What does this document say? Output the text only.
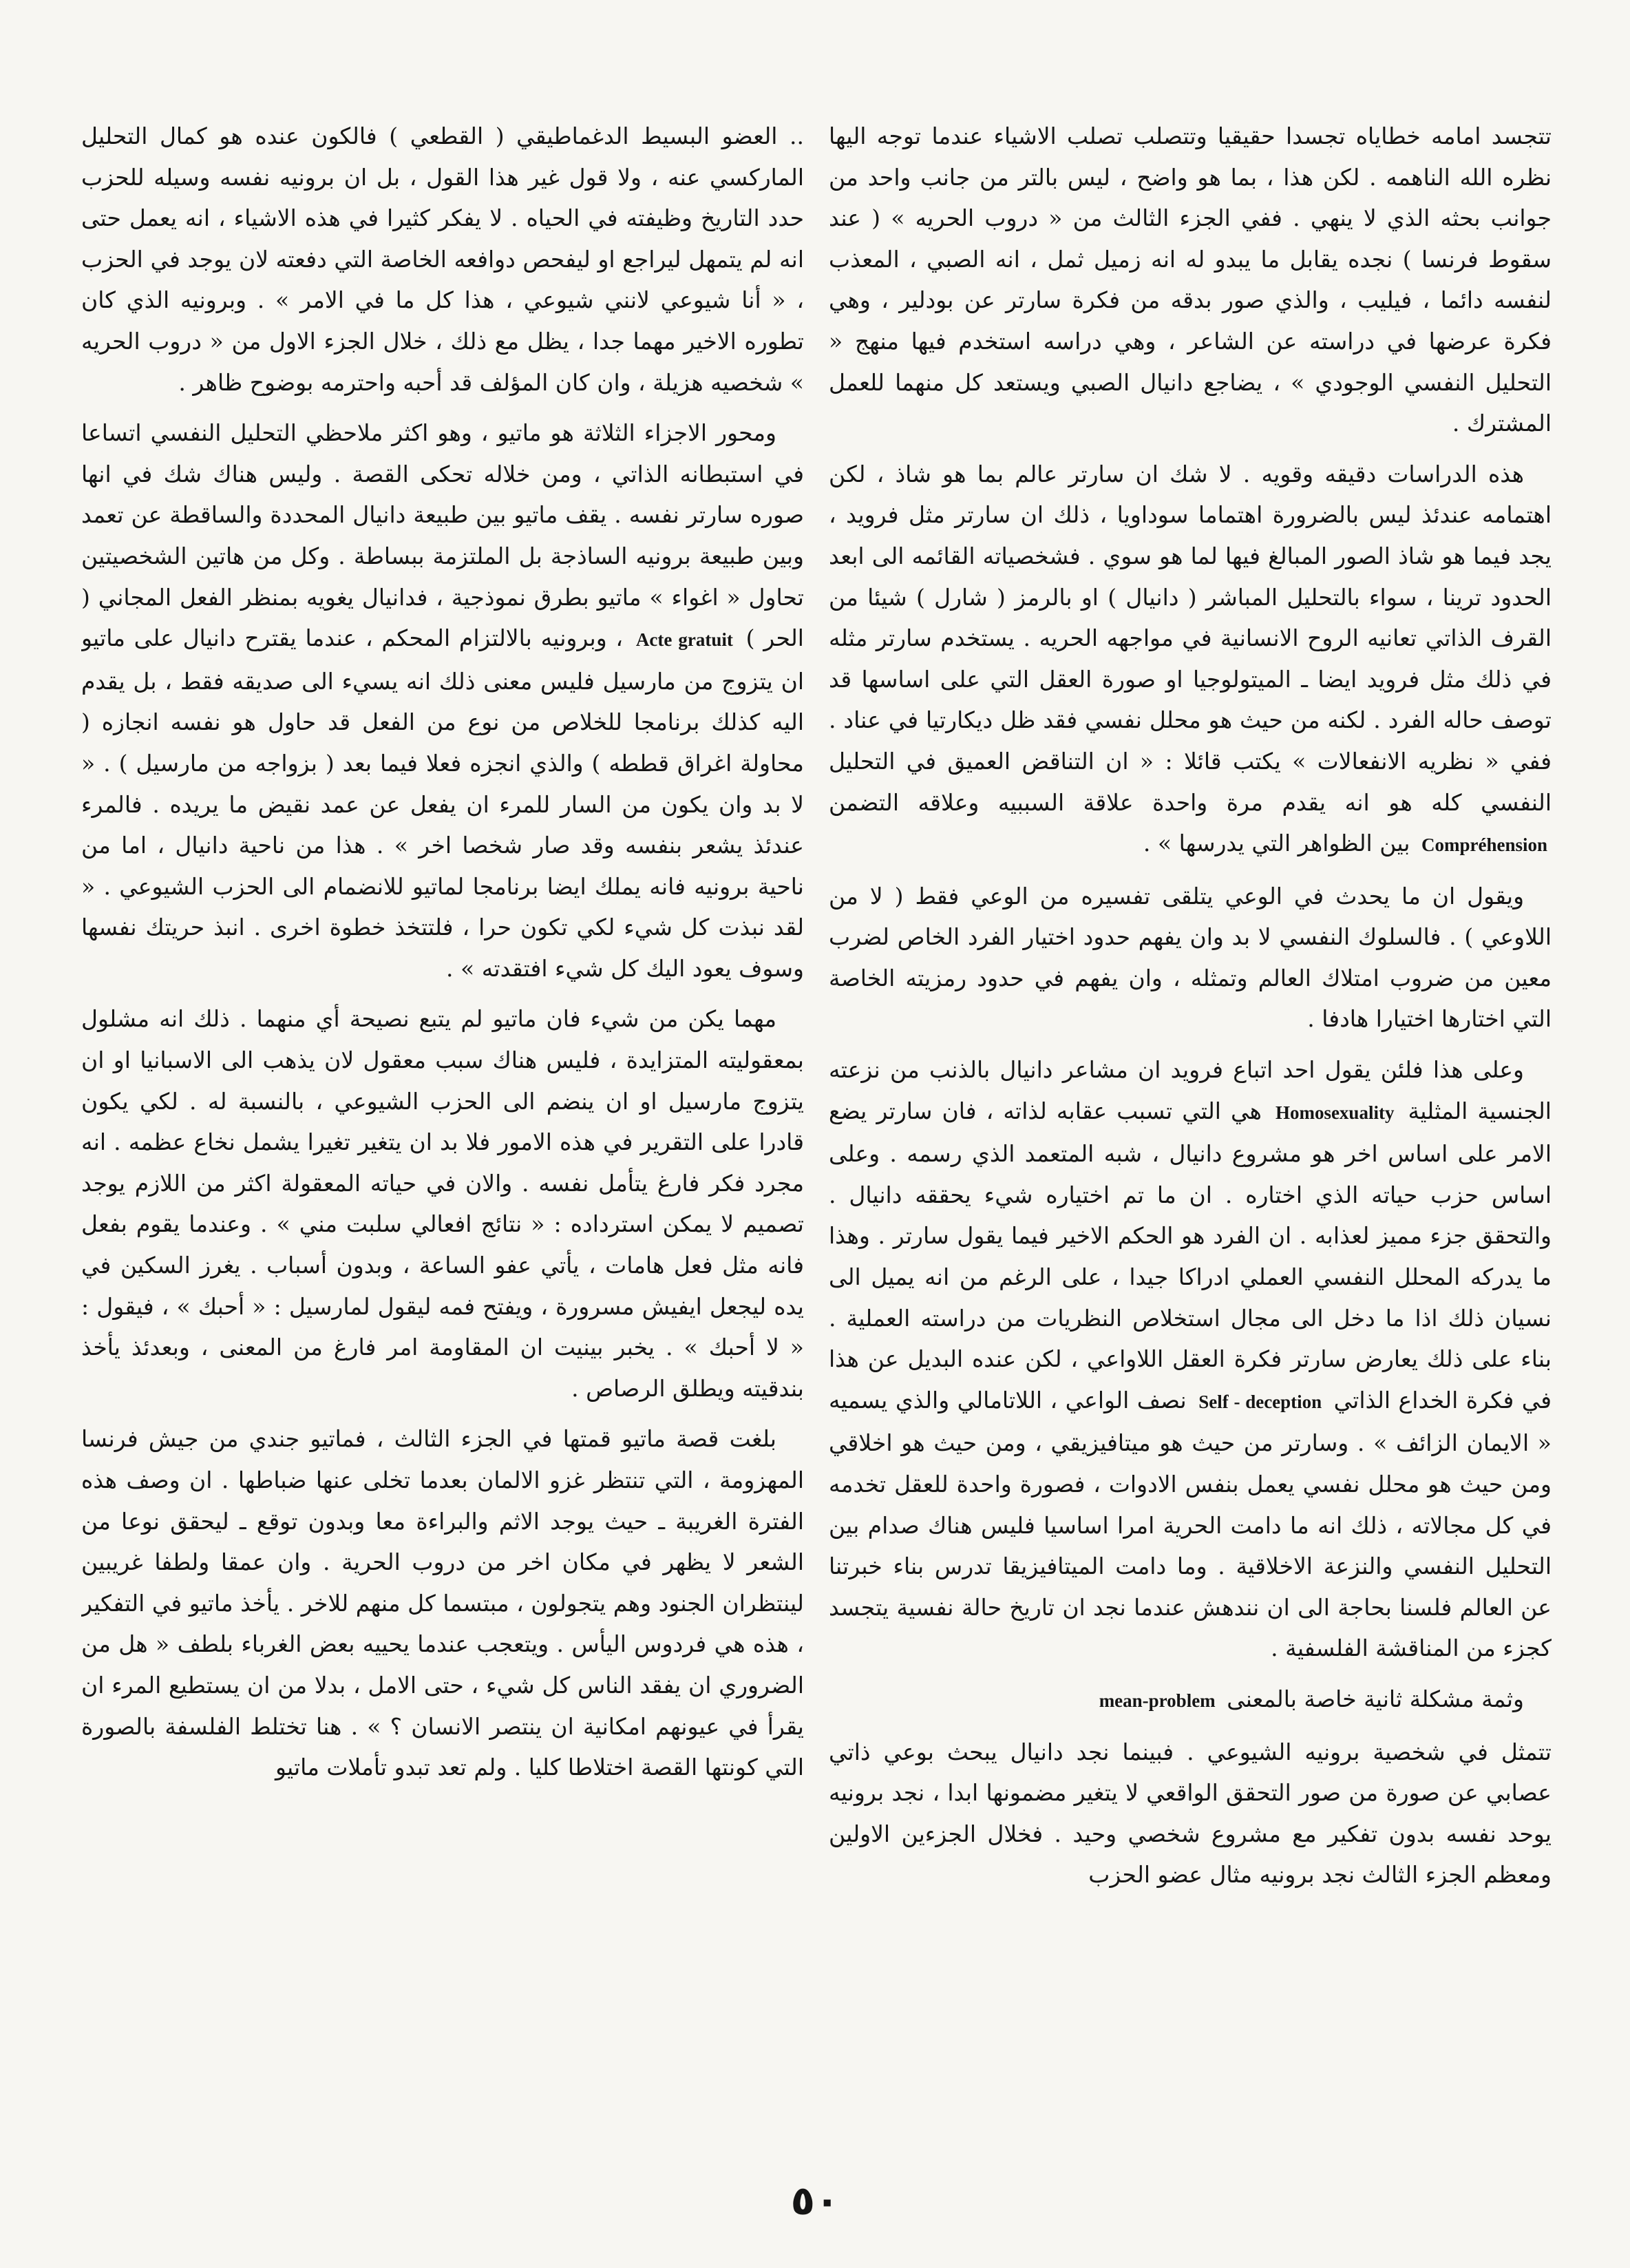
تتجسد امامه خطاياه تجسدا حقيقيا وتتصلب تصلب الاشياء عندما توجه اليها نظره الله الناهمه . لكن هذا ، بما هو واضح ، ليس بالتر من جانب واحد من جوانب بحثه الذي لا ينهي . ففي الجزء الثالث من « دروب الحريه » ( عند سقوط فرنسا ) نجده يقابل ما يبدو له انه زميل ثمل ، انه الصبي ، المعذب لنفسه دائما ، فيليب ، والذي صور بدقه من فكرة سارتر عن بودلير ، وهي فكرة عرضها في دراسته عن الشاعر ، وهي دراسه استخدم فيها منهج « التحليل النفسي الوجودي » ، يضاجع دانيال الصبي ويستعد كل منهما للعمل المشترك .

هذه الدراسات دقيقه وقويه . لا شك ان سارتر عالم بما هو شاذ ، لكن اهتمامه عندئذ ليس بالضرورة اهتماما سوداويا ، ذلك ان سارتر مثل فرويد ، يجد فيما هو شاذ الصور المبالغ فيها لما هو سوي . فشخصياته القائمه الى ابعد الحدود ترينا ، سواء بالتحليل المباشر ( دانيال ) او بالرمز ( شارل ) شيئا من القرف الذاتي تعانيه الروح الانسانية في مواجهه الحريه . يستخدم سارتر مثله في ذلك مثل فرويد ايضا ـ الميتولوجيا او صورة العقل التي على اساسها قد توصف حاله الفرد . لكنه من حيث هو محلل نفسي فقد ظل ديكارتيا في عناد . ففي « نظريه الانفعالات » يكتب قائلا : « ان التناقض العميق في التحليل النفسي كله هو انه يقدم مرة واحدة علاقة السببيه وعلاقه التضمن Compréhension بين الظواهر التي يدرسها » .

ويقول ان ما يحدث في الوعي يتلقى تفسيره من الوعي فقط ( لا من اللاوعي ) . فالسلوك النفسي لا بد وان يفهم حدود اختيار الفرد الخاص لضرب معين من ضروب امتلاك العالم وتمثله ، وان يفهم في حدود رمزيته الخاصة التي اختارها اختيارا هادفا .

وعلى هذا فلئن يقول احد اتباع فرويد ان مشاعر دانيال بالذنب من نزعته الجنسية المثلية Homosexuality هي التي تسبب عقابه لذاته ، فان سارتر يضع الامر على اساس اخر هو مشروع دانيال ، شبه المتعمد الذي رسمه . وعلى اساس حزب حياته الذي اختاره . ان ما تم اختياره شيء يحققه دانيال . والتحقق جزء مميز لعذابه . ان الفرد هو الحكم الاخير فيما يقول سارتر . وهذا ما يدركه المحلل النفسي العملي ادراكا جيدا ، على الرغم من انه يميل الى نسيان ذلك اذا ما دخل الى مجال استخلاص النظريات من دراسته العملية . بناء على ذلك يعارض سارتر فكرة العقل اللاواعي ، لكن عنده البديل عن هذا في فكرة الخداع الذاتي Self - deception نصف الواعي ، اللاتامالي والذي يسميه « الايمان الزائف » . وسارتر من حيث هو ميتافيزيقي ، ومن حيث هو اخلاقي ومن حيث هو محلل نفسي يعمل بنفس الادوات ، فصورة واحدة للعقل تخدمه في كل مجالاته ، ذلك انه ما دامت الحرية امرا اساسيا فليس هناك صدام بين التحليل النفسي والنزعة الاخلاقية . وما دامت الميتافيزيقا تدرس بناء خبرتنا عن العالم فلسنا بحاجة الى ان نندهش عندما نجد ان تاريخ حالة نفسية يتجسد كجزء من المناقشة الفلسفية .

وثمة مشكلة ثانية خاصة بالمعنى mean-problem

تتمثل في شخصية برونيه الشيوعي . فبينما نجد دانيال يبحث بوعي ذاتي عصابي عن صورة من صور التحقق الواقعي لا يتغير مضمونها ابدا ، نجد برونيه يوحد نفسه بدون تفكير مع مشروع شخصي وحيد . فخلال الجزءين الاولين ومعظم الجزء الثالث نجد برونيه مثال عضو الحزب

.. العضو البسيط الدغماطيقي ( القطعي ) فالكون عنده هو كمال التحليل الماركسي عنه ، ولا قول غير هذا القول ، بل ان برونيه نفسه وسيله للحزب حدد التاريخ وظيفته في الحياه . لا يفكر كثيرا في هذه الاشياء ، انه يعمل حتى انه لم يتمهل ليراجع او ليفحص دوافعه الخاصة التي دفعته لان يوجد في الحزب ، « أنا شيوعي لانني شيوعي ، هذا كل ما في الامر » . وبرونيه الذي كان تطوره الاخير مهما جدا ، يظل مع ذلك ، خلال الجزء الاول من « دروب الحريه » شخصيه هزيلة ، وان كان المؤلف قد أحبه واحترمه بوضوح ظاهر .

ومحور الاجزاء الثلاثة هو ماتيو ، وهو اكثر ملاحظي التحليل النفسي اتساعا في استبطانه الذاتي ، ومن خلاله تحكى القصة . وليس هناك شك في انها صوره سارتر نفسه . يقف ماتيو بين طبيعة دانيال المحددة والساقطة عن تعمد وبين طبيعة برونيه الساذجة بل الملتزمة ببساطة . وكل من هاتين الشخصيتين تحاول « اغواء » ماتيو بطرق نموذجية ، فدانيال يغويه بمنظر الفعل المجاني ( الحر ) Acte gratuit ، وبرونيه بالالتزام المحكم ، عندما يقترح دانيال على ماتيو ان يتزوج من مارسيل فليس معنى ذلك انه يسيء الى صديقه فقط ، بل يقدم اليه كذلك برنامجا للخلاص من نوع من الفعل قد حاول هو نفسه انجازه ( محاولة اغراق قططه ) والذي انجزه فعلا فيما بعد ( بزواجه من مارسيل ) . « لا بد وان يكون من السار للمرء ان يفعل عن عمد نقيض ما يريده . فالمرء عندئذ يشعر بنفسه وقد صار شخصا اخر » . هذا من ناحية دانيال ، اما من ناحية برونيه فانه يملك ايضا برنامجا لماتيو للانضمام الى الحزب الشيوعي . « لقد نبذت كل شيء لكي تكون حرا ، فلتتخذ خطوة اخرى . انبذ حريتك نفسها وسوف يعود اليك كل شيء افتقدته » .

مهما يكن من شيء فان ماتيو لم يتبع نصيحة أي منهما . ذلك انه مشلول بمعقوليته المتزايدة ، فليس هناك سبب معقول لان يذهب الى الاسبانيا او ان يتزوج مارسيل او ان ينضم الى الحزب الشيوعي ، بالنسبة له . لكي يكون قادرا على التقرير في هذه الامور فلا بد ان يتغير تغيرا يشمل نخاع عظمه . انه مجرد فكر فارغ يتأمل نفسه . والان في حياته المعقولة اكثر من اللازم يوجد تصميم لا يمكن استرداده : « نتائج افعالي سلبت مني » . وعندما يقوم بفعل فانه مثل فعل هامات ، يأتي عفو الساعة ، وبدون أسباب . يغرز السكين في يده ليجعل ايفيش مسرورة ، ويفتح فمه ليقول لمارسيل : « أحبك » ، فيقول : « لا أحبك » . يخبر بينيت ان المقاومة امر فارغ من المعنى ، وبعدئذ يأخذ بندقيته ويطلق الرصاص .

بلغت قصة ماتيو قمتها في الجزء الثالث ، فماتيو جندي من جيش فرنسا المهزومة ، التي تنتظر غزو الالمان بعدما تخلى عنها ضباطها . ان وصف هذه الفترة الغريبة ـ حيث يوجد الاثم والبراءة معا وبدون توقع ـ ليحقق نوعا من الشعر لا يظهر في مكان اخر من دروب الحرية . وان عمقا ولطفا غريبين لينتظران الجنود وهم يتجولون ، مبتسما كل منهم للاخر . يأخذ ماتيو في التفكير ، هذه هي فردوس اليأس . ويتعجب عندما يحييه بعض الغرباء بلطف « هل من الضروري ان يفقد الناس كل شيء ، حتى الامل ، بدلا من ان يستطيع المرء ان يقرأ في عيونهم امكانية ان ينتصر الانسان ؟ » . هنا تختلط الفلسفة بالصورة التي كونتها القصة اختلاطا كليا . ولم تعد تبدو تأملات ماتيو

٥٠
